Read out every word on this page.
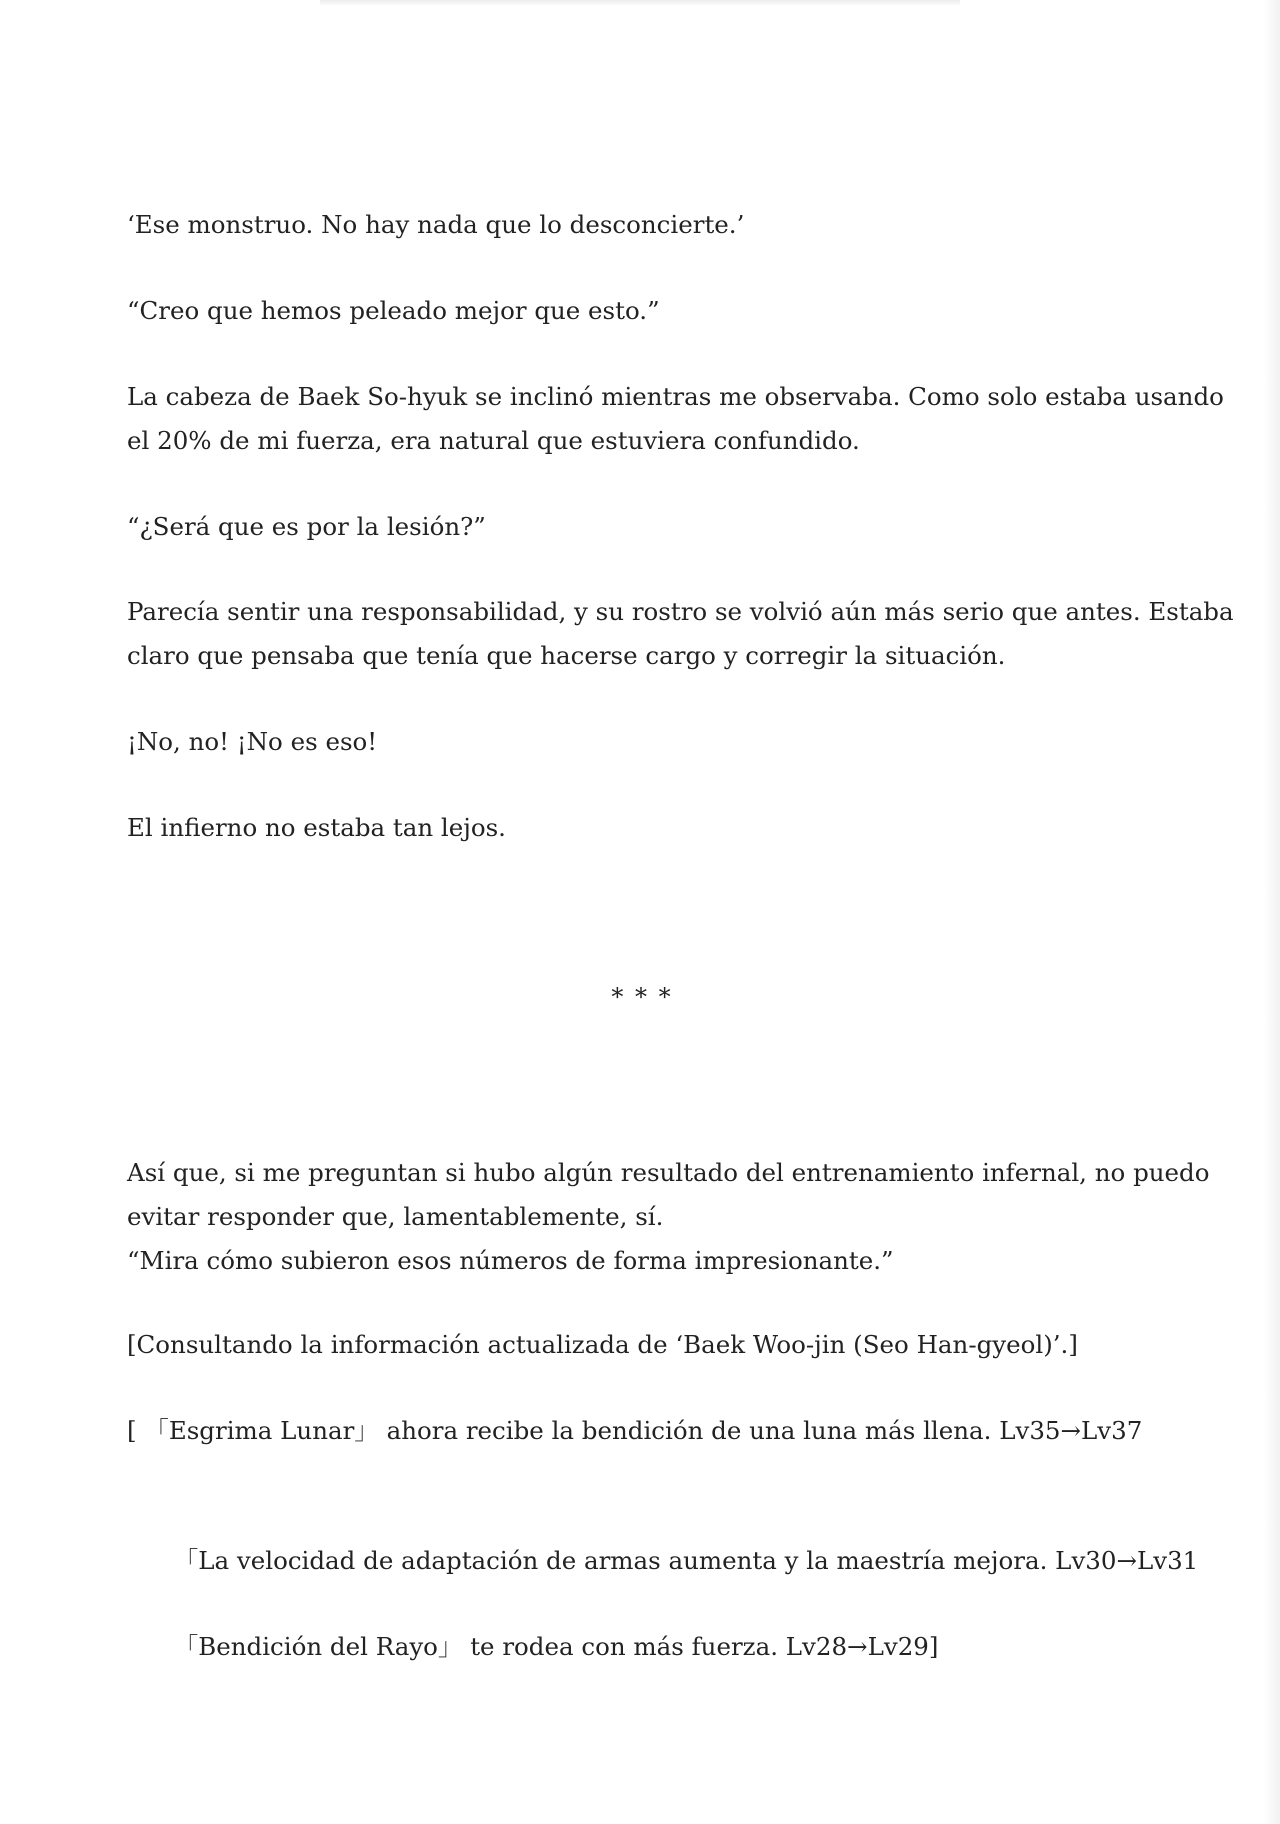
‘Ese monstruo. No hay nada que lo desconcierte.’

“Creo que hemos peleado mejor que esto.”

La cabeza de Baek So-hyuk se inclinó mientras me observaba. Como solo estaba usando
el 20% de mi fuerza, era natural que estuviera confundido.

“¿Será que es por la lesión?”

Parecía sentir una responsabilidad, y su rostro se volvió aún más serio que antes. Estaba
claro que pensaba que tenía que hacerse cargo y corregir la situación.

¡No, no! ¡No es eso!

El infierno no estaba tan lejos.

* * *

Así que, si me preguntan si hubo algún resultado del entrenamiento infernal, no puedo
evitar responder que, lamentablemente, sí.
“Mira cómo subieron esos números de forma impresionante.”

[Consultando la información actualizada de ‘Baek Woo-jin (Seo Han-gyeol)’.]

[ 「Esgrima Lunar」 ahora recibe la bendición de una luna más llena. Lv35→Lv37

「La velocidad de adaptación de armas aumenta y la maestría mejora. Lv30→Lv31

「Bendición del Rayo」 te rodea con más fuerza. Lv28→Lv29]
